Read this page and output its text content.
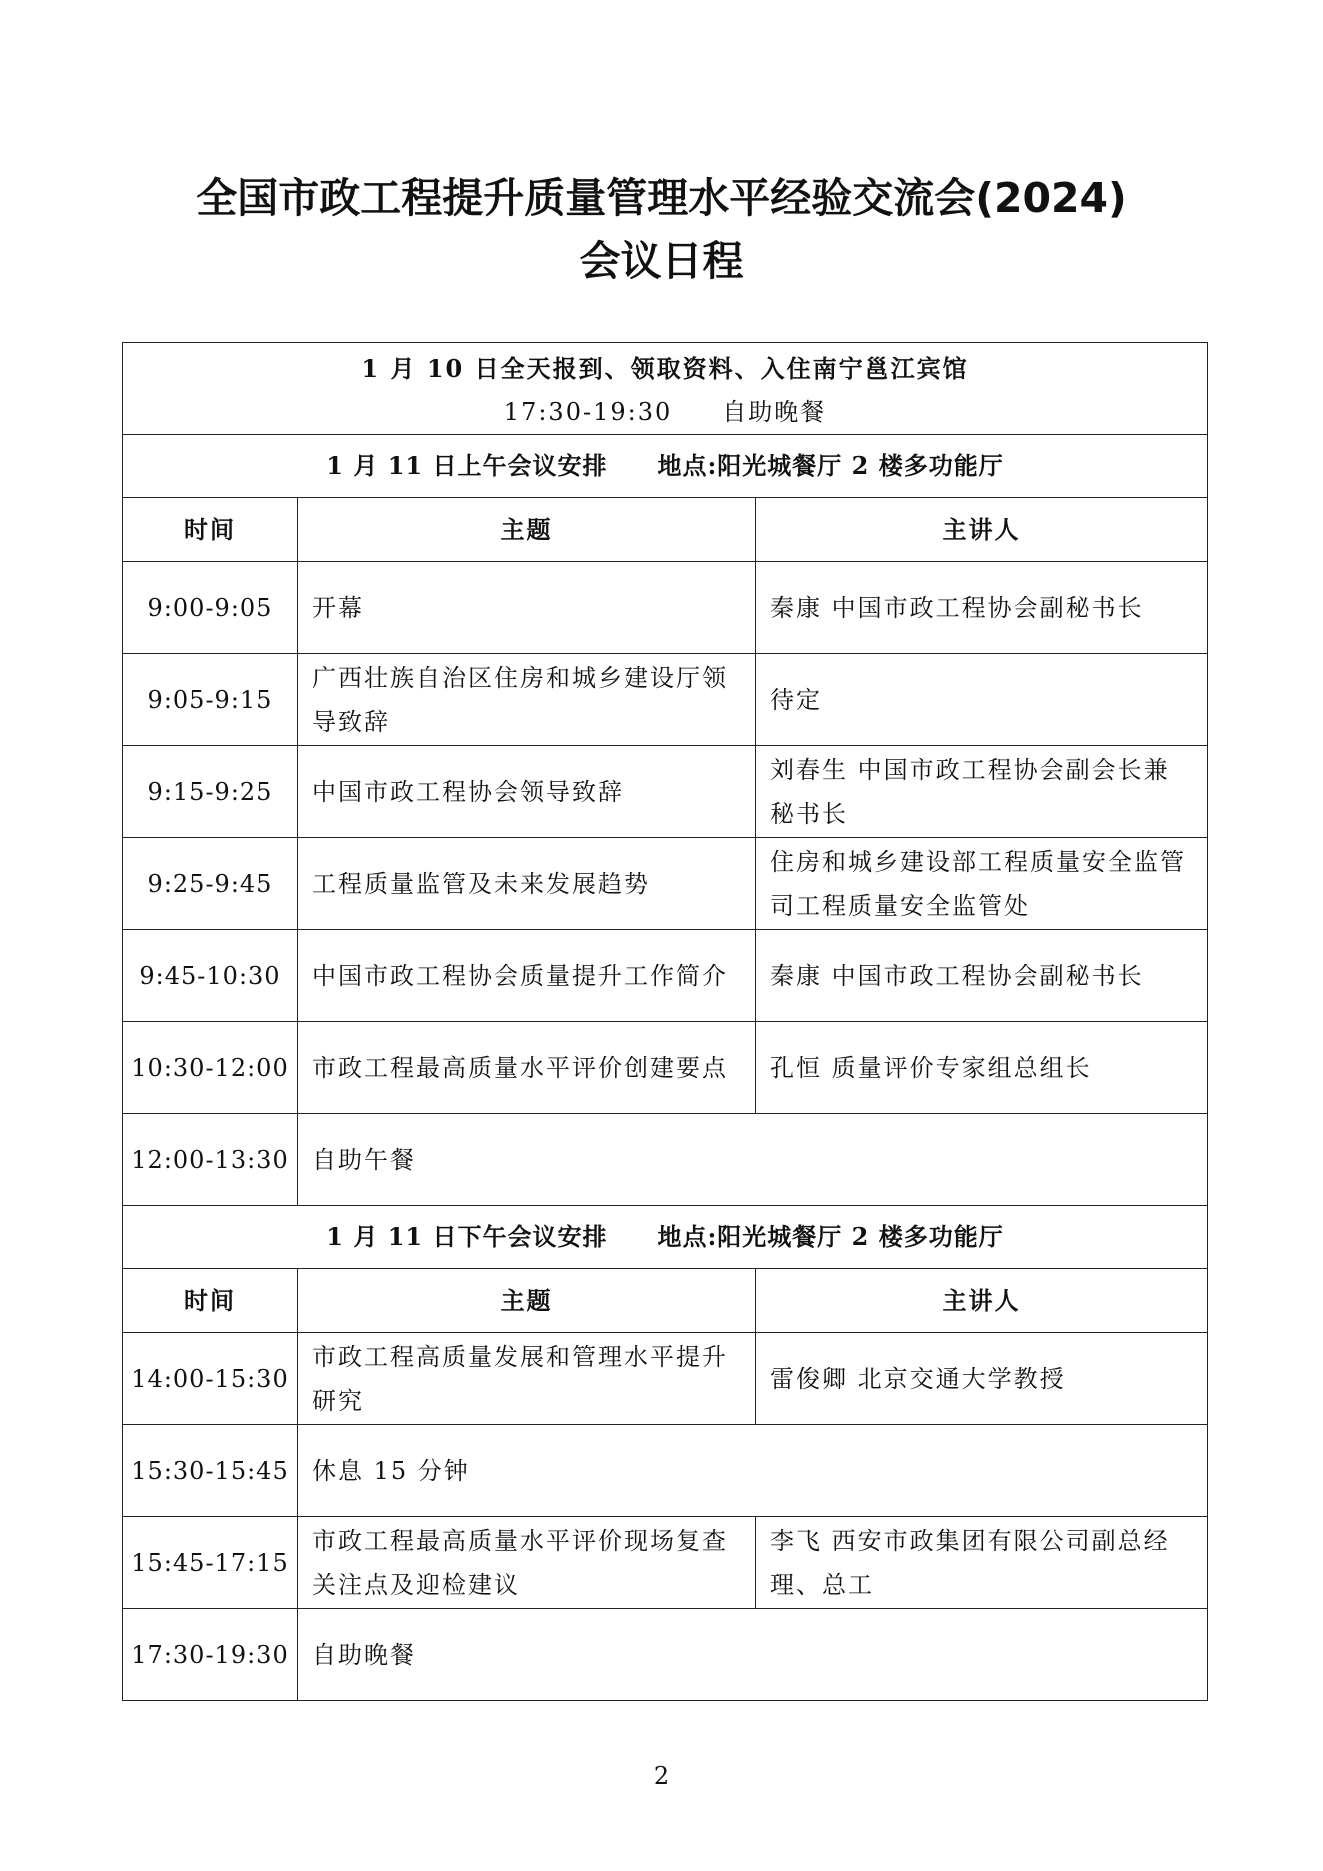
全国市政工程提升质量管理水平经验交流会(2024)
会议日程
1 月 10 日全天报到、领取资料、入住南宁邕江宾馆
17:30-19:30 自助晚餐		

1 月 11 日上午会议安排 地点:阳光城餐厅 2 楼多功能厅		
时间	主题	主讲人
9:00-9:05	开幕	秦康 中国市政工程协会副秘书长
9:05-9:15	广西壮族自治区住房和城乡建设厅领导致辞	待定
9:15-9:25	中国市政工程协会领导致辞	刘春生 中国市政工程协会副会长兼秘书长
9:25-9:45	工程质量监管及未来发展趋势	住房和城乡建设部工程质量安全监管司工程质量安全监管处
9:45-10:30	中国市政工程协会质量提升工作简介	秦康 中国市政工程协会副秘书长
10:30-12:00	市政工程最高质量水平评价创建要点	孔恒 质量评价专家组总组长
12:00-13:30	自助午餐	
1 月 11 日下午会议安排 地点:阳光城餐厅 2 楼多功能厅		
时间	主题	主讲人
14:00-15:30	市政工程高质量发展和管理水平提升研究	雷俊卿 北京交通大学教授
15:30-15:45	休息 15 分钟	
15:45-17:15	市政工程最高质量水平评价现场复查关注点及迎检建议	李飞 西安市政集团有限公司副总经理、总工
17:30-19:30	自助晚餐	
2
